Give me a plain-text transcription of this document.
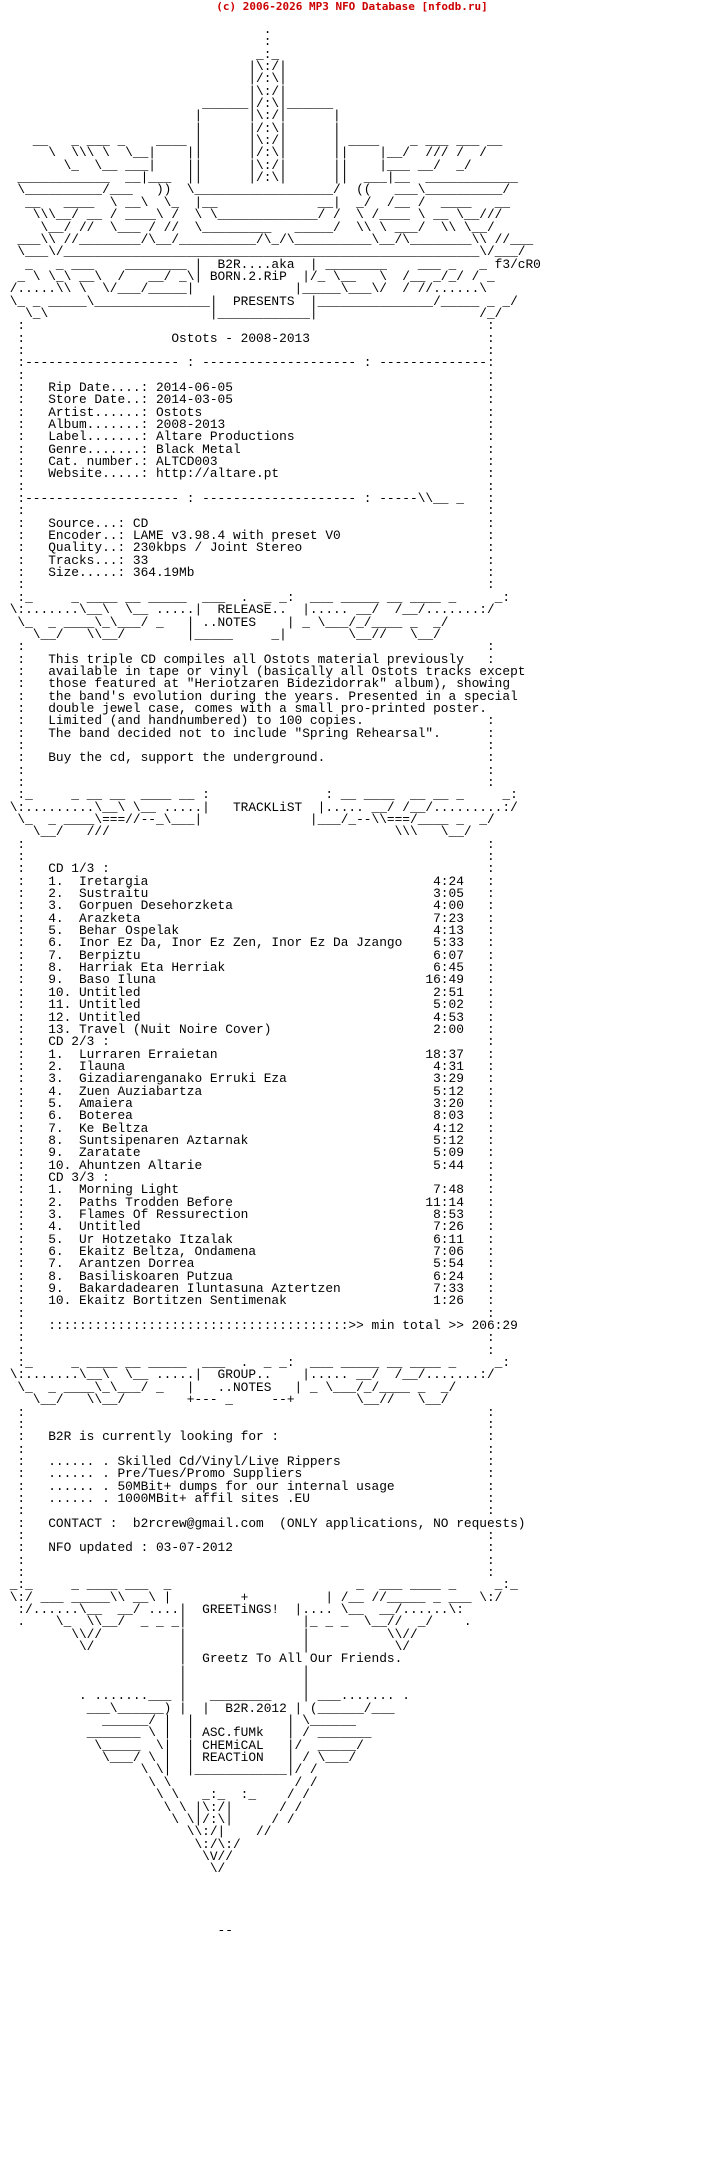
(c) 2006-2026 MP3 NFO Database [nfodb.ru]
.
:
_:_
|\:/|
|/:\|
|\:/|
______|/:\|______
|      |\:/|      |
|      |/:\|      |
__   _ ___ _    ____ |      |\:/|      | ____    _ ___ ___ __
\  \\\ \  \__|    ||      |/:\|      ||    |__/  /// /  /
\_  \__ ___|    ||      |\:/|      ||    |___ __/  _/
____________  __|___  ||      |/:\|      ||  ___|__  ____________
\__________/___   ))  \__________________/  ((   ___\__________/
__   ____  \ __\  \_  |__             __|  _/  /__ /  ____   __
\\\__/ __ / ____\ /  \ \_____________/ /  \ /____ \ __ \__///
\__/ //  \___ / //  \_________   _____/  \\ \ ___/  \\ \__/
___\\ //________/\__/__________/\_/\__________\__/\________\\ //___
\___\/______________________________________________________\/___/
_   _ ___    ________ |  B2R....aka  | ________    ___ _   _ f3/cR0
_ \ \_\ __\  /   __/ _\| BORN.2.RiP  |/_ \__   \  /__ _/_/ / _
/.....\\ \  \/___/_____|             |_____\___\/  / //......\
\_ _ _____\_______________|  PRESENTS  |_______________/_____ _ _/
\_\                     |____________|                     /_/
:                                                            :
:                   Ostots - 2008-2013                       :
:                                                            :
:-------------------- : -------------------- : --------------:
:                                                            :
:   Rip Date....: 2014-06-05                                 :
:   Store Date..: 2014-03-05                                 :
:   Artist......: Ostots                                     :
:   Album.......: 2008-2013                                  :
:   Label.......: Altare Productions                         :
:   Genre.......: Black Metal                                :
:   Cat. number.: ALTCD003                                   :
:   Website.....: http://altare.pt                           :
:                                                            :
:-------------------- : -------------------- : -----\\__ _   :
:                                                            :
:   Source...: CD                                            :
:   Encoder..: LAME v3.98.4 with preset V0                   :
:   Quality..: 230kbps / Joint Stereo                        :
:   Tracks...: 33                                            :
:   Size.....: 364.19Mb                                      :
:                                                            :
:_     _ ____ __ _____  ___  .  _ _:  ___ _____ __ ____ _     _:
\:.......\__\  \__ .....|  RELEASE..  |..... __/  /__/.......:/
\_  _ ____\_\___/ _   | ..NOTES    | _ \___/_/____ _  _/
\__/   \\__/        |_____     _|        \__//   \__/
:                                                            :
:   This triple CD compiles all Ostots material previously   :
:   available in tape or vinyl (basically all Ostots tracks except
:   those featured at "Heriotzaren Bidezidorrak" album), showing
:   the band's evolution during the years. Presented in a special
:   double jewel case, comes with a small pro-printed poster.
:   Limited (and handnumbered) to 100 copies.                :
:   The band decided not to include "Spring Rehearsal".      :
:                                                            :
:   Buy the cd, support the underground.                     :
:                                                            :
:                                                            :
:_     _ __ __  ____ __ :               : __ ____  __ __ _     _:
\:.........\__\ \__ .....|   TRACKLiST  |..... __/ /__/.........:/
\_  _ ____\===//--_\___|              |___/_--\\===/____ _  _/
\__/   ///                                     \\\   \__/
:                                                            :
:                                                            :
:   CD 1/3 :                                                 :
:   1.  Iretargia                                     4:24   :
:   2.  Sustraitu                                     3:05   :
:   3.  Gorpuen Desehorzketa                          4:00   :
:   4.  Arazketa                                      7:23   :
:   5.  Behar Ospelak                                 4:13   :
:   6.  Inor Ez Da, Inor Ez Zen, Inor Ez Da Jzango    5:33   :
:   7.  Berpiztu                                      6:07   :
:   8.  Harriak Eta Herriak                           6:45   :
:   9.  Baso Iluna                                   16:49   :
:   10. Untitled                                      2:51   :
:   11. Untitled                                      5:02   :
:   12. Untitled                                      4:53   :
:   13. Travel (Nuit Noire Cover)                     2:00   :
:   CD 2/3 :                                                 :
:   1.  Lurraren Erraietan                           18:37   :
:   2.  Ilauna                                        4:31   :
:   3.  Gizadiarenganako Erruki Eza                   3:29   :
:   4.  Zuen Auziabartza                              5:12   :
:   5.  Amaiera                                       3:20   :
:   6.  Boterea                                       8:03   :
:   7.  Ke Beltza                                     4:12   :
:   8.  Suntsipenaren Aztarnak                        5:12   :
:   9.  Zaratate                                      5:09   :
:   10. Ahuntzen Altarie                              5:44   :
:   CD 3/3 :                                                 :
:   1.  Morning Light                                 7:48   :
:   2.  Paths Trodden Before                         11:14   :
:   3.  Flames Of Ressurection                        8:53   :
:   4.  Untitled                                      7:26   :
:   5.  Ur Hotzetako Itzalak                          6:11   :
:   6.  Ekaitz Beltza, Ondamena                       7:06   :
:   7.  Arantzen Dorrea                               5:54   :
:   8.  Basiliskoaren Putzua                          6:24   :
:   9.  Bakardadearen Iluntasuna Aztertzen            7:33   :
:   10. Ekaitz Bortitzen Sentimenak                   1:26   :
:                                                            :
:   :::::::::::::::::::::::::::::::::::::::>> min total >> 206:29
:                                                            :
:                                                            :
:_     _ ____ __ _____  ___  .  _ _:  ___ _____ __ ____ _     _:
\:.......\__\  \__ .....|  GROUP..    |..... __/  /__/.......:/
\_  _ ____\_\___/ _   |   ..NOTES   | _ \___/_/____ _  _/
\__/   \\__/        +--- _     --+        \__//   \__/
:                                                            :
:                                                            :
:   B2R is currently looking for :                           :
:                                                            :
:   ...... . Skilled Cd/Vinyl/Live Rippers                   :
:   ...... . Pre/Tues/Promo Suppliers                        :
:   ...... . 50MBit+ dumps for our internal usage            :
:   ...... . 1000MBit+ affil sites .EU                       :
:                                                            :
:   CONTACT :  b2rcrew@gmail.com  (ONLY applications, NO requests)
:                                                            :
:   NFO updated : 03-07-2012                                 :
:                                                            :
:                                                            :
_:_     _ ____ ___  _                        _  ___ ____ _     _:_
\:/ ___ _____\\ __\ |         +          | /__ //_____ _ ___ \:/
:/......\__  __/ ....|  GREETiNGS!  |.... \__  __/......\:
.    \_  \\__/  _ _ _|               |_ _ _  \__//  _/    .
\\//          |               |          \\//
\/           |               |           \/
|  Greetz To All Our Friends.
|               |
|               |
. .......___ |   ________    | ___....... .
___\______) |  |  B2R.2012 | (______/___
______/ |  |            | \______
_______ \ |  | ASC.fUMk   | / _______
\_____  \|  | CHEMiCAL   |/  _____/
\___/ \ |  | REACTiON   | / \___/
\ \|  |____________|/ /
\ \                / /
\ \   _:_  :_    / /
\ \ |\:/|      / /
\ \|/:\|     / /
\\:/|    //
\:/\:/
\V//
\/

--
